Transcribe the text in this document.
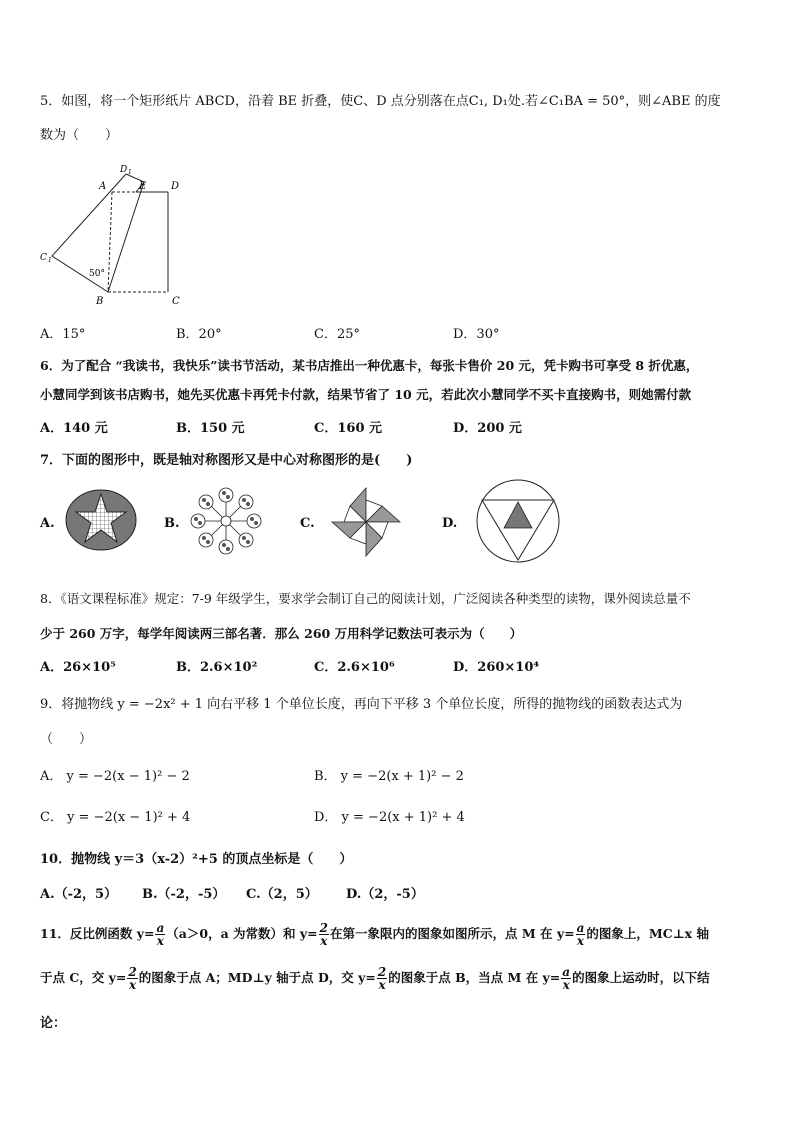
5．如图，将一个矩形纸片 ABCD，沿着 BE 折叠，使C、D 点分别落在点C₁, D₁处.若∠C₁BA = 50°，则∠ABE 的度
数为（　　）
A	E D
D 1
C 1
50°
B	C
A．15°	B．20°	C．25°	D．30°
6．为了配合 “我读书，我快乐”读书节活动，某书店推出一种优惠卡，每张卡售价 20 元，凭卡购书可享受 8 折优惠，
小慧同学到该书店购书，她先买优惠卡再凭卡付款，结果节省了 10 元，若此次小慧同学不买卡直接购书，则她需付款
A．140 元	B．150 元	C．160 元	D．200 元
7．下面的图形中，既是轴对称图形又是中心对称图形的是(　　)
A.	B.	C.	D.
8．《语文课程标准》规定：7-9 年级学生，要求学会制订自己的阅读计划，广泛阅读各种类型的读物，课外阅读总量不
少于 260 万字，每学年阅读两三部名著．那么 260 万用科学记数法可表示为（　　）
A．26×10⁵	B．2.6×10²	C．2.6×10⁶	D．260×10⁴
9．将抛物线 y = −2x² + 1 向右平移 1 个单位长度，再向下平移 3 个单位长度，所得的抛物线的函数表达式为
（　　）
A． y = −2(x − 1)² − 2	B． y = −2(x + 1)² − 2
C． y = −2(x − 1)² + 4	D． y = −2(x + 1)² + 4
10．抛物线 y＝3（x-2）²+5 的顶点坐标是（　　）
A.（-2，5） B.（-2，-5） C.（2，5） D.（2，-5）
11．反比例函数 $y= \frac{a}{x} (a>0$，a 为常数）和 $y= \frac{2}{x}$ 在第一象限内的图象如图所示，点 M 在 $y= \frac{a}{x}$ 的图象上，MC⊥x 轴
于点 C，交 $y= \frac{2}{x}$ 的图象于点 A；MD⊥y 轴于点 D，交 $y= \frac{2}{x}$ 的图象于点 B，当点 M 在 $y= \frac{a}{x}$ 的图象上运动时，以下结
论：
